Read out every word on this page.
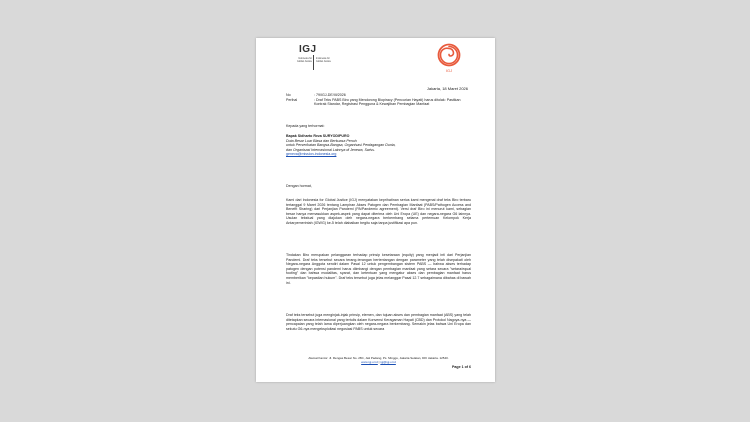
IGJ
Indonesia for Global Justice
Indonesia for Global Justice
IGJ
Jakarta, 18 Maret 2026
No	: 79/IGJ-DE/III/2026
Perihal	: Draf Teks PABS Biro yang Mendorong Biopiracy (Pencurian Hayati) harus ditolak: Pastikan Kontrak Standar, Registrasi Pengguna & Kewajiban Pembagian Manfaat
Kepada yang terhormat:
Bapak Sidharto Reza SURYODIPURO
Duta Besar Luar Biasa dan Berkuasa Penuh
untuk Perserikatan Bangsa-Bangsa, Organisasi Perdagangan Dunia,
dan Organisasi Internasional Lainnya di Jenewa, Swiss.
geneva@mission-indonesia.org
Dengan hormat,
Kami dari Indonesia for Global Justice (IGJ) menyatakan keprihatinan serius kami mengenai draf teks Biro terbaru tertanggal 9 Maret 2026 tentang Lampiran Akses Patogen dan Pembagian Manfaat (PABS/Pathogen Access and Benefit Sharing) dari Perjanjian Pandemi (PA/Pandemic agreement). Versi draf Biro ini menurut kami, sebagian besar hanya memasukkan aspek-aspek yang dapat diterima oleh Uni Eropa (UE) dan negara-negara G6 lainnya. Usulan tekstual yang diajukan oleh negara-negara berkembang selama pertemuan Kelompok Kerja Antarpemerintah (IGWG) ke-5 telah diabaikan begitu saja tanpa justifikasi apa pun.
Tindakan Biro merupakan pelanggaran terhadap prinsip kesetaraan (equity) yang menjadi inti dari Perjanjian Pandemi. Draf teks tersebut secara terang-terangan bertentangan dengan parameter yang telah disepakati oleh Negara-negara Anggota sendiri dalam Pasal 12 untuk pengembangan sistem PABS — bahwa akses terhadap patogen dengan potensi pandemi harus diimbangi dengan pembagian manfaat yang setara secara "setara/equal footing" dan bahwa modalitas, syarat, dan ketentuan yang mengatur akses dan pembagian manfaat harus memberikan "kepastian hukum". Draf teks tersebut juga jelas melanggar Pasal 12.7 sebagaimana dibahas di bawah ini.
Draf teks tersebut juga menginjak-injak prinsip, elemen, dan tujuan akses dan pembagian manfaat (ABS) yang telah ditetapkan secara internasional yang tertulis dalam Konvensi Keragaman Hayati (CBD) dan Protokol Nagoya-nya — pencapaian yang telah lama diperjuangkan oleh negara-negara berkembang. Semakin jelas bahwa Uni Eropa dan sekutu G6-nya mengeksploitasi negosiasi PABS untuk secara
Alamat Kantor: Jl. Rengas Besar No. 28C, Jati Padang, Ps. Minggu, Jakarta Selatan, DKI Jakarta. 12540.
www.igj.or.id | igj@igj.or.id
Page 1 of 6
